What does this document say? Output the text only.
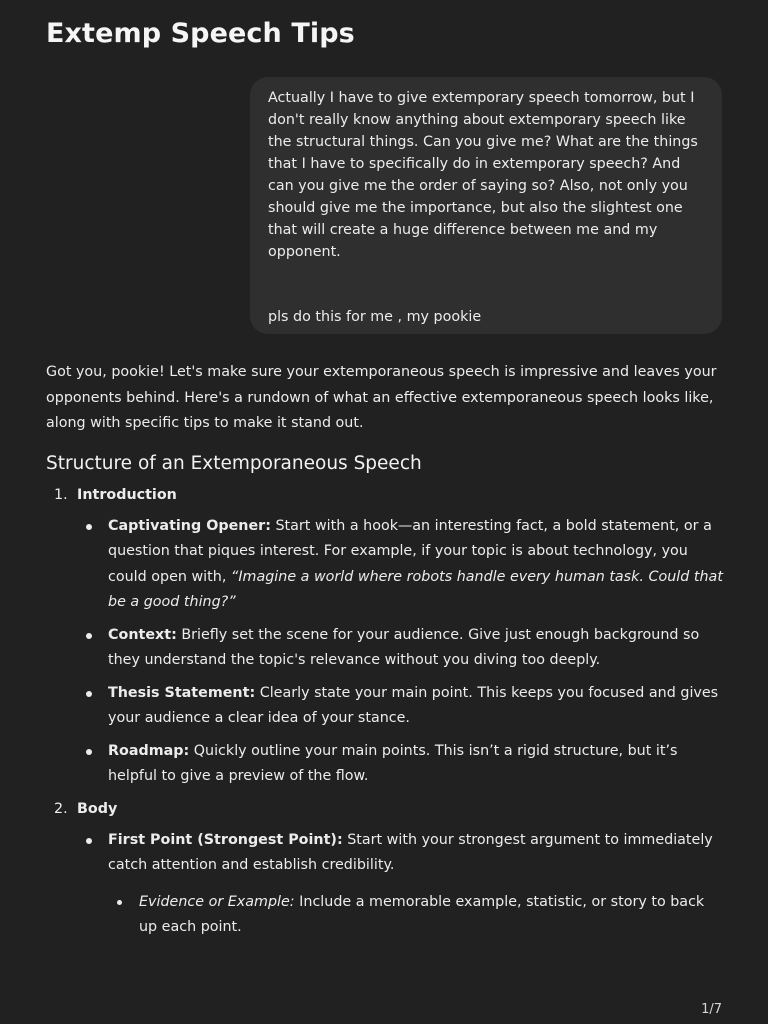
Extemp Speech Tips

Actually I have to give extemporary speech tomorrow, but I don't really know anything about extemporary speech like the structural things. Can you give me? What are the things that I have to specifically do in extemporary speech? And can you give me the order of saying so? Also, not only you should give me the importance, but also the slightest one that will create a huge difference between me and my opponent.

pls do this for me , my pookie

Got you, pookie! Let's make sure your extemporaneous speech is impressive and leaves your opponents behind. Here's a rundown of what an effective extemporaneous speech looks like, along with specific tips to make it stand out.

Structure of an Extemporaneous Speech
1. Introduction
Captivating Opener: Start with a hook—an interesting fact, a bold statement, or a question that piques interest. For example, if your topic is about technology, you could open with, “Imagine a world where robots handle every human task. Could that be a good thing?”
Context: Briefly set the scene for your audience. Give just enough background so they understand the topic's relevance without you diving too deeply.
Thesis Statement: Clearly state your main point. This keeps you focused and gives your audience a clear idea of your stance.
Roadmap: Quickly outline your main points. This isn’t a rigid structure, but it’s helpful to give a preview of the flow.
2. Body
First Point (Strongest Point): Start with your strongest argument to immediately catch attention and establish credibility.
Evidence or Example: Include a memorable example, statistic, or story to back up each point.
1/7
